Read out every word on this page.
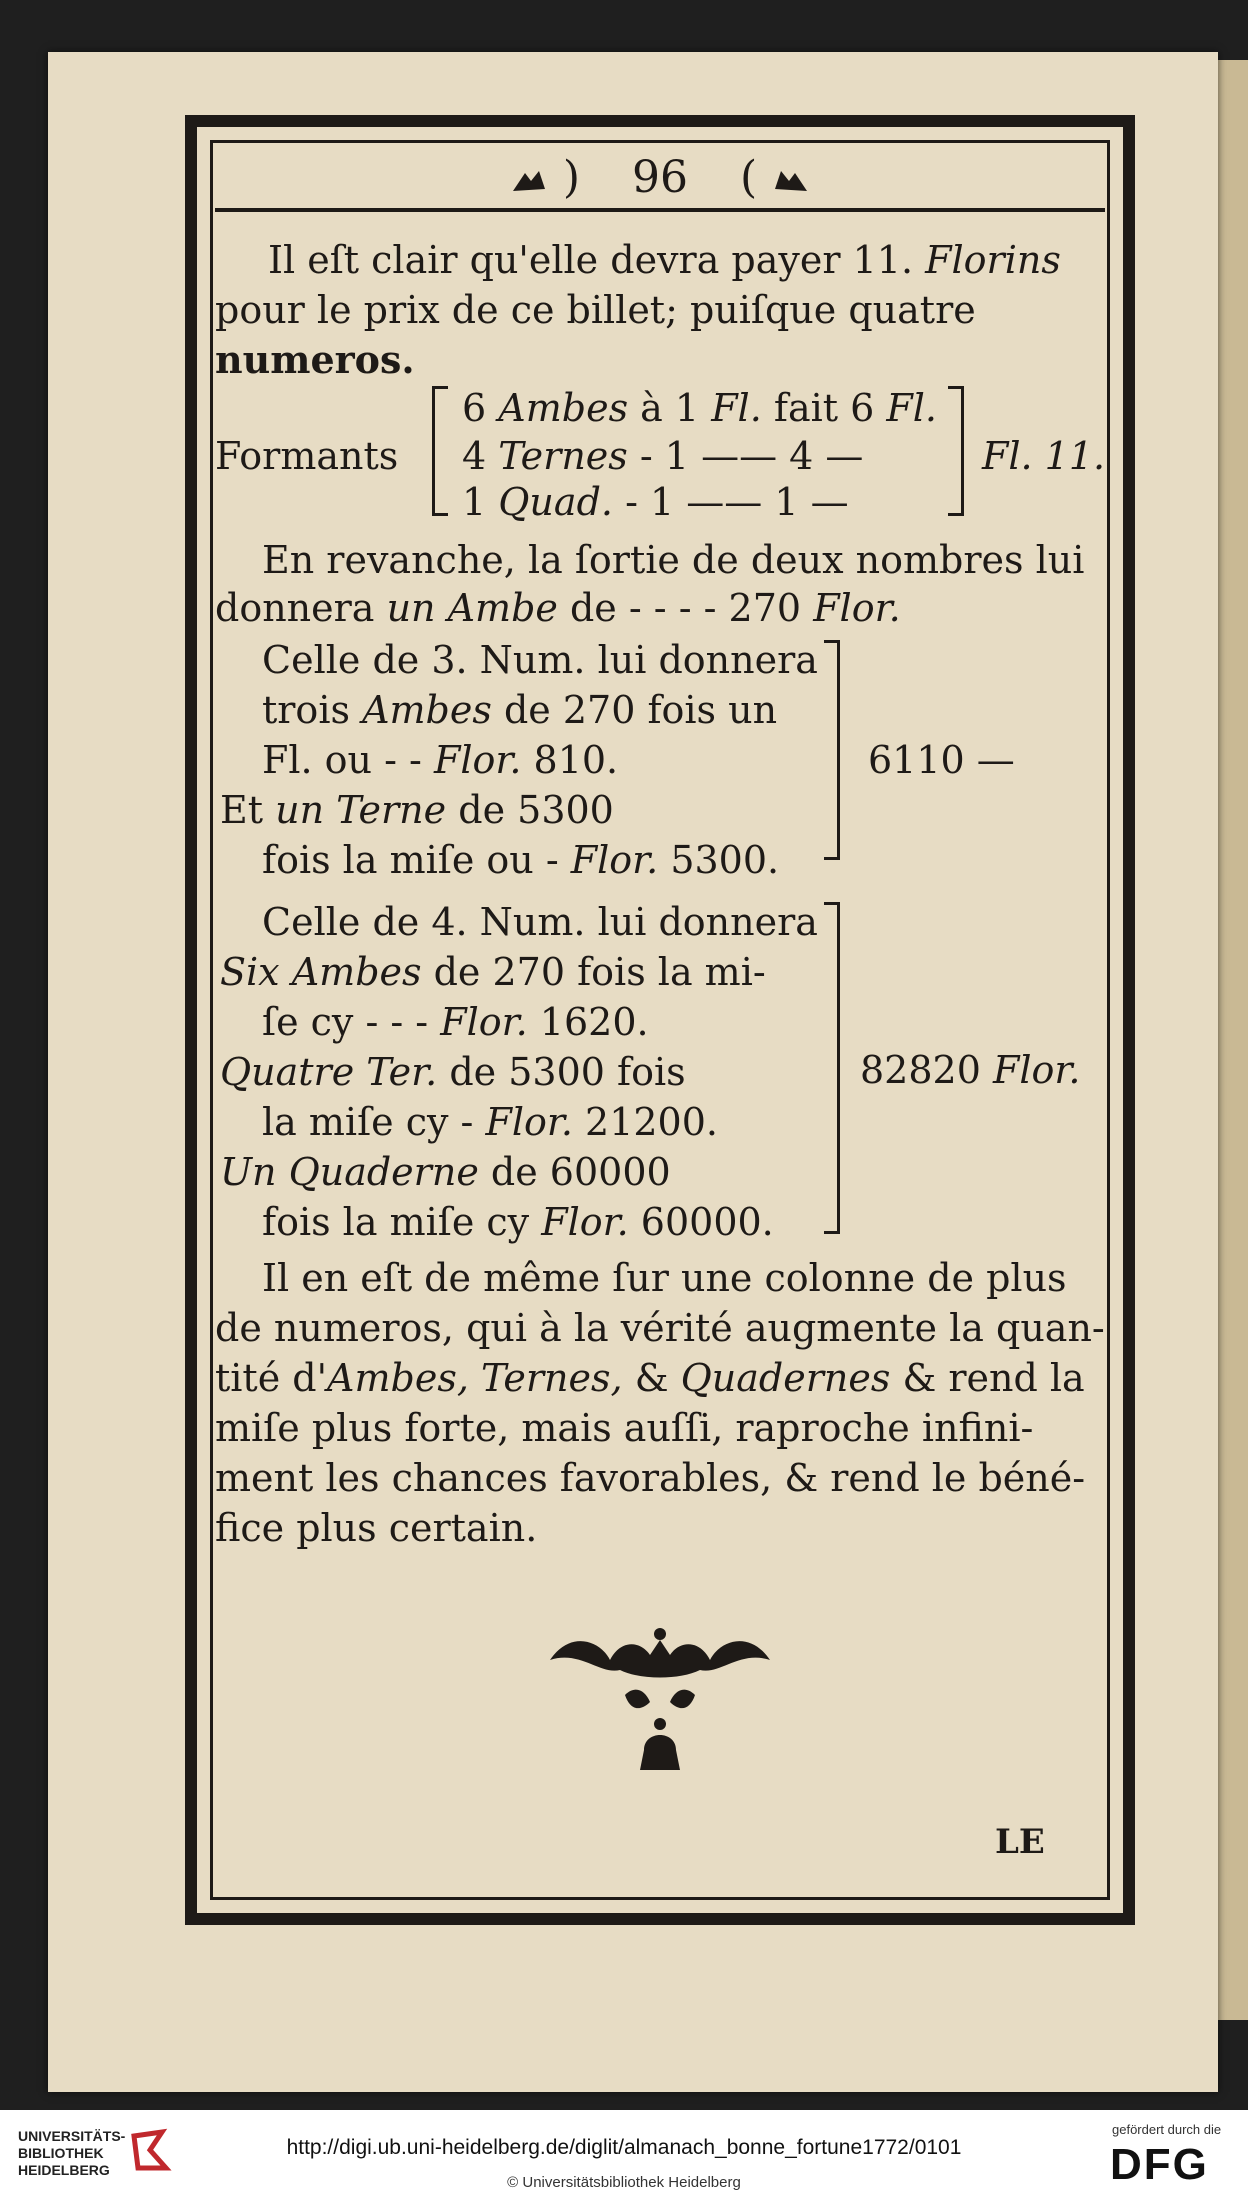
) 96 (
Il eſt clair qu'elle devra payer 11. Florins
pour le prix de ce billet; puiſque quatre
numeros.
Formants
6 Ambes à 1 Fl. fait 6 Fl.
4 Ternes - 1 —— 4 —
1 Quad. - 1 —— 1 —
Fl. 11.
En revanche, la ſortie de deux nombres lui
donnera un Ambe de - - - - 270 Flor.
Celle de 3. Num. lui donnera
trois Ambes de 270 fois un
Fl. ou - - Flor. 810.
Et un Terne de 5300
fois la miſe ou - Flor. 5300.
6110 —
Celle de 4. Num. lui donnera
Six Ambes de 270 fois la mi-
ſe cy - - - Flor. 1620.
Quatre Ter. de 5300 fois
la miſe cy - Flor. 21200.
Un Quaderne de 60000
fois la miſe cy Flor. 60000.
82820 Flor.
Il en eſt de même ſur une colonne de plus
de numeros, qui à la vérité augmente la quan-
tité d'Ambes, Ternes, & Quadernes & rend la
miſe plus forte, mais auſſi, raproche infini-
ment les chances favorables, & rend le béné-
fice plus certain.
LE
UNIVERSITÄTS-
BIBLIOTHEK
HEIDELBERG
http://digi.ub.uni-heidelberg.de/diglit/almanach_bonne_fortune1772/0101
© Universitätsbibliothek Heidelberg
gefördert durch die
DFG
